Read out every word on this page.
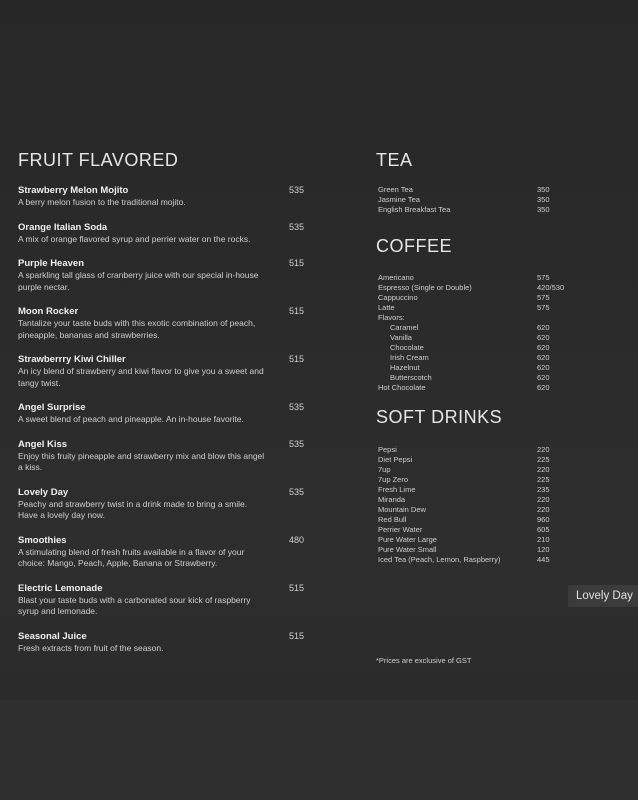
FRUIT FLAVORED	TEA
COFFEE
SOFT DRINKS
Strawberry Melon Mojito
A berry melon fusion to the traditional mojito.
535
Orange Italian Soda
A mix of orange flavored syrup and perrier water on the rocks.
535
Purple Heaven
A sparkling tall glass of cranberry juice with our special in-house purple nectar.
515
Moon Rocker
Tantalize your taste buds with this exotic combination of peach, pineapple, bananas and strawberries.
515
Strawberrry Kiwi Chiller
An icy blend of strawberry and kiwi flavor to give you a sweet and tangy twist.
515
Angel Surprise
A sweet blend of peach and pineapple. An in-house favorite.
535
Angel Kiss
Enjoy this fruity pineapple and strawberry mix and blow this angel a kiss.
535
Lovely Day
Peachy and strawberry twist in a drink made to bring a smile. Have a lovely day now.
535
Smoothies
A stimulating blend of fresh fruits available in a flavor of your choice: Mango, Peach, Apple, Banana or Strawberry.
480
Electric Lemonade
Blast your taste buds with a carbonated sour kick of raspberry syrup and lemonade.
515
Seasonal Juice
Fresh extracts from fruit of the season.
515
Green Tea	350
Jasmine Tea	350
English Breakfast Tea	350
Americano	575
Espresso (Single or Double)	420/530
Cappuccino	575
Latte	575
Flavors:
Caramel	620
Vanilla	620
Chocolate	620
Irish Cream	620
Hazelnut	620
Butterscotch	620
Hot Chocolate	620
Pepsi	220
Diet Pepsi	225
7up	220
7up Zero	225
Fresh Lime	235
Miranda	220
Mountain Dew	220
Red Bull	960
Perrier Water	605
Pure Water Large	210
Pure Water Small	120
Iced Tea (Peach, Lemon, Raspberry)	445
Lovely Day
*Prices are exclusive of GST
